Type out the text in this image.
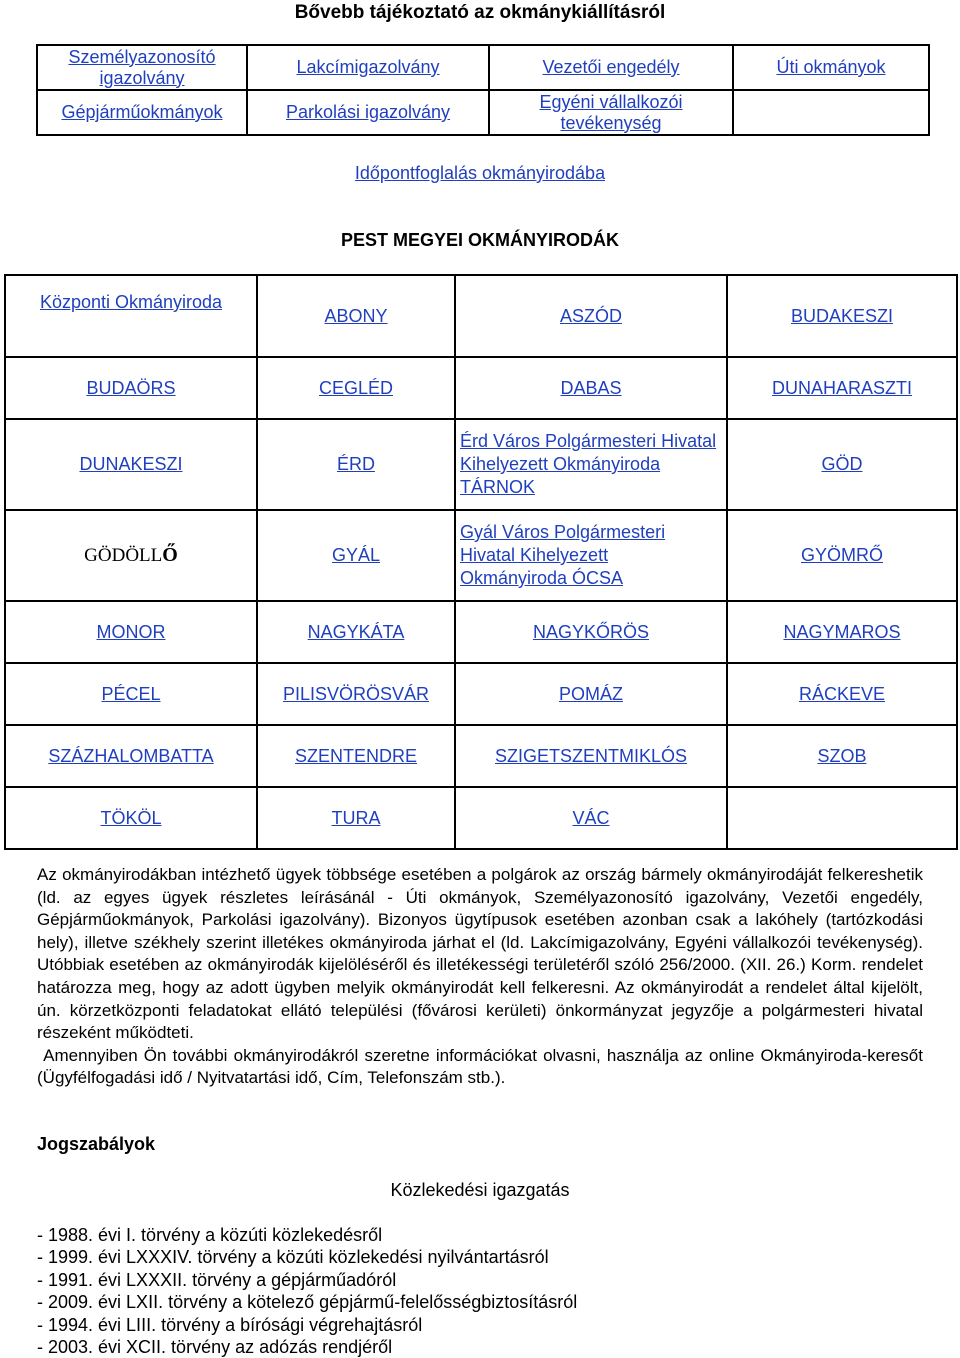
Bővebb tájékoztató az okmánykiállításról
Személyazonosító igazolvány	Lakcímigazolvány	Vezetői engedély	Úti okmányok
Gépjárműokmányok	Parkolási igazolvány	Egyéni vállalkozói tevékenység	
Időpontfoglalás okmányirodába
PEST MEGYEI OKMÁNYIRODÁK
Központi Okmányiroda	ABONY	ASZÓD	BUDAKESZI
BUDAÖRS	CEGLÉD	DABAS	DUNAHARASZTI
DUNAKESZI	ÉRD	Érd Város Polgármesteri Hivatal Kihelyezett Okmányiroda TÁRNOK	GÖD
GÖDÖLLŐ	GYÁL	Gyál Város Polgármesteri Hivatal Kihelyezett Okmányiroda ÓCSA	GYÖMRŐ
MONOR	NAGYKÁTA	NAGYKŐRÖS	NAGYMAROS
PÉCEL	PILISVÖRÖSVÁR	POMÁZ	RÁCKEVE
SZÁZHALOMBATTA	SZENTENDRE	SZIGETSZENTMIKLÓS	SZOB
TÖKÖL	TURA	VÁC	

Az okmányirodákban intézhető ügyek többsége esetében a polgárok az ország bármely okmányirodáját felkereshetik (ld. az egyes ügyek részletes leírásánál - Úti okmányok, Személyazonosító igazolvány, Vezetői engedély, Gépjárműokmányok, Parkolási igazolvány). Bizonyos ügytípusok esetében azonban csak a lakóhely (tartózkodási hely), illetve székhely szerint illetékes okmányiroda járhat el (ld. Lakcímigazolvány, Egyéni vállalkozói tevékenység). Utóbbiak esetében az okmányirodák kijelöléséről és illetékességi területéről szóló 256/2000. (XII. 26.) Korm. rendelet határozza meg, hogy az adott ügyben melyik okmányirodát kell felkeresni. Az okmányirodát a rendelet által kijelölt, ún. körzetközponti feladatokat ellátó települési (fővárosi kerületi) önkormányzat jegyzője a polgármesteri hivatal részeként működteti.

Amennyiben Ön további okmányirodákról szeretne információkat olvasni, használja az online Okmányiroda-keresőt (Ügyfélfogadási idő / Nyitvatartási idő, Cím, Telefonszám stb.).

Jogszabályok
Közlekedési igazgatás
- 1988. évi I. törvény a közúti közlekedésről
- 1999. évi LXXXIV. törvény a közúti közlekedési nyilvántartásról
- 1991. évi LXXXII. törvény a gépjárműadóról
- 2009. évi LXII. törvény a kötelező gépjármű-felelősségbiztosításról
- 1994. évi LIII. törvény a bírósági végrehajtásról
- 2003. évi XCII. törvény az adózás rendjéről
